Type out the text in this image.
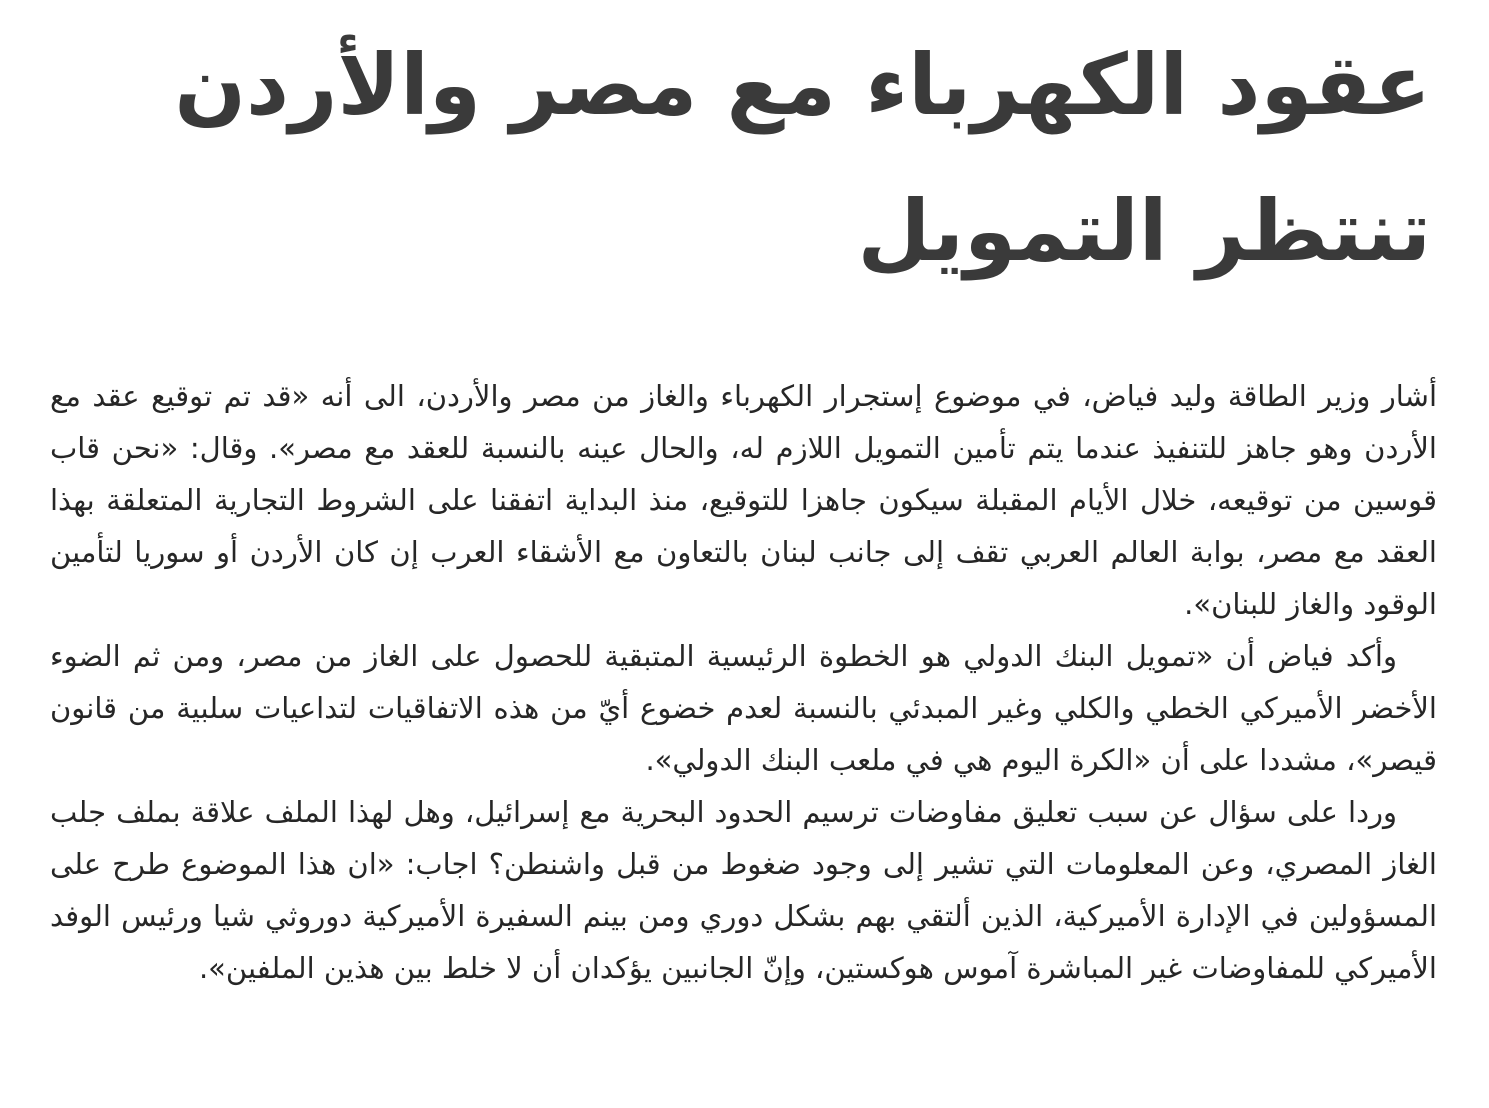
عقود الكهرباء مع مصر والأردن
تنتظر التمويل

أشار وزير الطاقة وليد فياض، في موضوع إستجرار الكهرباء والغاز من مصر والأردن، الى أنه «قد تم توقيع عقد مع الأردن وهو جاهز للتنفيذ عندما يتم تأمين التمويل اللازم له، والحال عينه بالنسبة للعقد مع مصر». وقال: «نحن قاب قوسين من توقيعه، خلال الأيام المقبلة سيكون جاهزا للتوقيع، منذ البداية اتفقنا على الشروط التجارية المتعلقة بهذا العقد مع مصر، بوابة العالم العربي تقف إلى جانب لبنان بالتعاون مع الأشقاء العرب إن كان الأردن أو سوريا لتأمين الوقود والغاز للبنان».

وأكد فياض أن «تمويل البنك الدولي هو الخطوة الرئيسية المتبقية للحصول على الغاز من مصر، ومن ثم الضوء الأخضر الأميركي الخطي والكلي وغير المبدئي بالنسبة لعدم خضوع أيّ من هذه الاتفاقيات لتداعيات سلبية من قانون قيصر»، مشددا على أن «الكرة اليوم هي في ملعب البنك الدولي».

وردا على سؤال عن سبب تعليق مفاوضات ترسيم الحدود البحرية مع إسرائيل، وهل لهذا الملف علاقة بملف جلب الغاز المصري، وعن المعلومات التي تشير إلى وجود ضغوط من قبل واشنطن؟ اجاب: «ان هذا الموضوع طرح على المسؤولين في الإدارة الأميركية، الذين ألتقي بهم بشكل دوري ومن بينم السفيرة الأميركية دوروثي شيا ورئيس الوفد الأميركي للمفاوضات غير المباشرة آموس هوكستين، وإنّ الجانبين يؤكدان أن لا خلط بين هذين الملفين».
